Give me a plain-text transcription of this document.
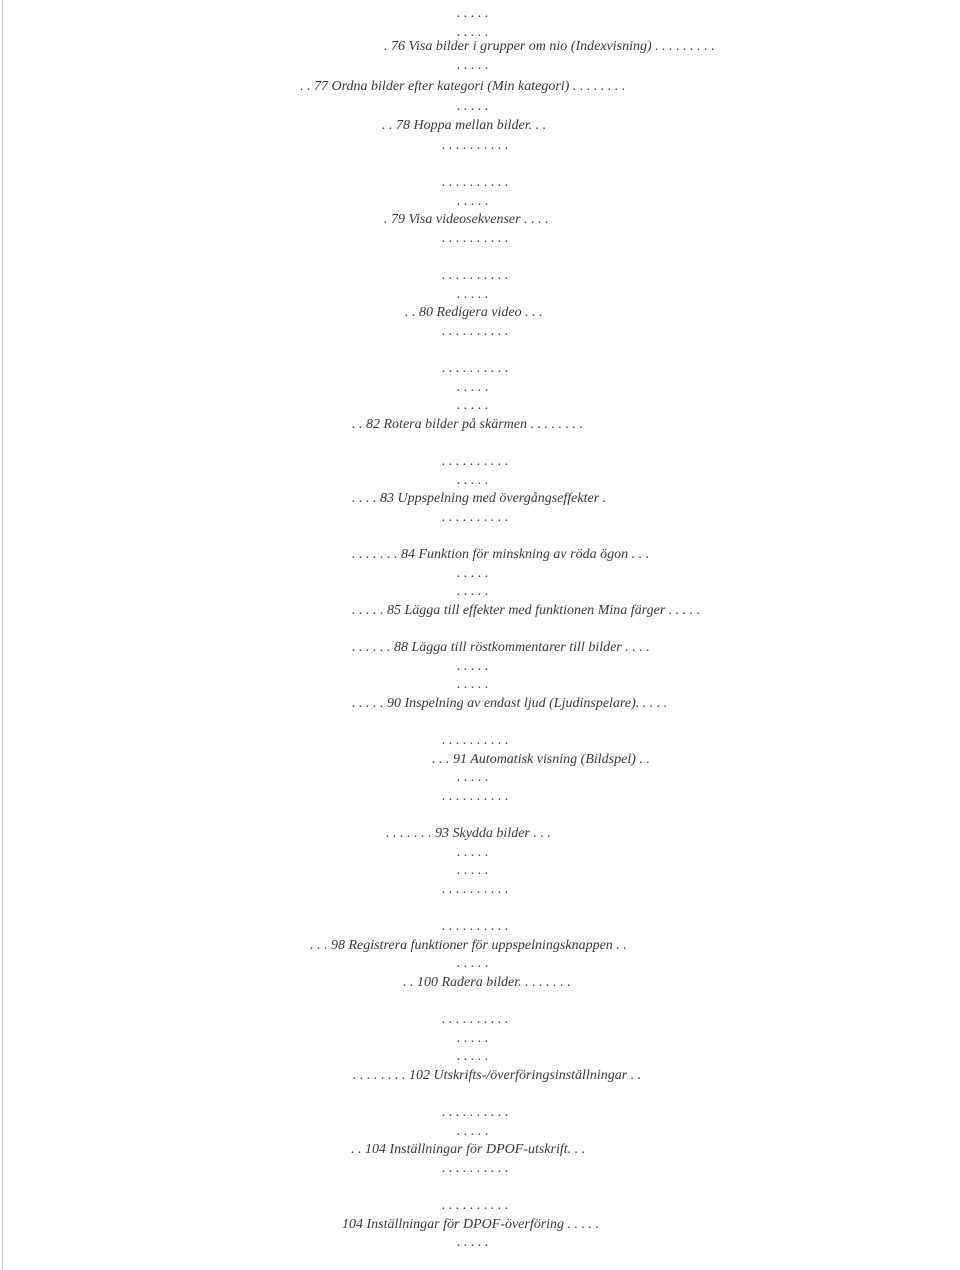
. . . . .
. . . . .
. 76 Visa bilder i grupper om nio (Indexvisning) . . . . . . . . .
. . . . .
. . 77 Ordna bilder efter kategori (Min kategori) . . . . . . . .
. . . . .
. . 78 Hoppa mellan bilder. . .
. . . . . . . . . .
. . . . . . . . . .
. . . . .
. 79 Visa videosekvenser . . . .
. . . . . . . . . .
. . . . . . . . . .
. . . . .
. . 80 Redigera video . . .
. . . . . . . . . .
. . . . . . . . . .
. . . . .
. . . . .
. . 82 Rotera bilder på skärmen . . . . . . . .
. . . . . . . . . .
. . . . .
. . . . 83 Uppspelning med övergångseffekter .
. . . . . . . . . .
. . . . . . . 84 Funktion för minskning av röda ögon . . .
. . . . .
. . . . .
. . . . . 85 Lägga till effekter med funktionen Mina färger . . . . .
. . . . . . 88 Lägga till röstkommentarer till bilder . . . .
. . . . .
. . . . .
. . . . . 90 Inspelning av endast ljud (Ljudinspelare). . . . .
. . . . . . . . . .
. . . 91 Automatisk visning (Bildspel) . .
. . . . .
. . . . . . . . . .
. . . . . . . 93 Skydda bilder . . .
. . . . .
. . . . .
. . . . . . . . . .
. . . . . . . . . .
. . . 98 Registrera funktioner för uppspelningsknappen . .
. . . . .
. . 100 Radera bilder. . . . . . . .
. . . . . . . . . .
. . . . .
. . . . .
. . . . . . . . 102 Utskrifts-/överföringsinställningar . .
. . . . . . . . . .
. . . . .
. . 104 Inställningar för DPOF-utskrift. . .
. . . . . . . . . .
. . . . . . . . . .
104 Inställningar för DPOF-överföring . . . . .
. . . . .
